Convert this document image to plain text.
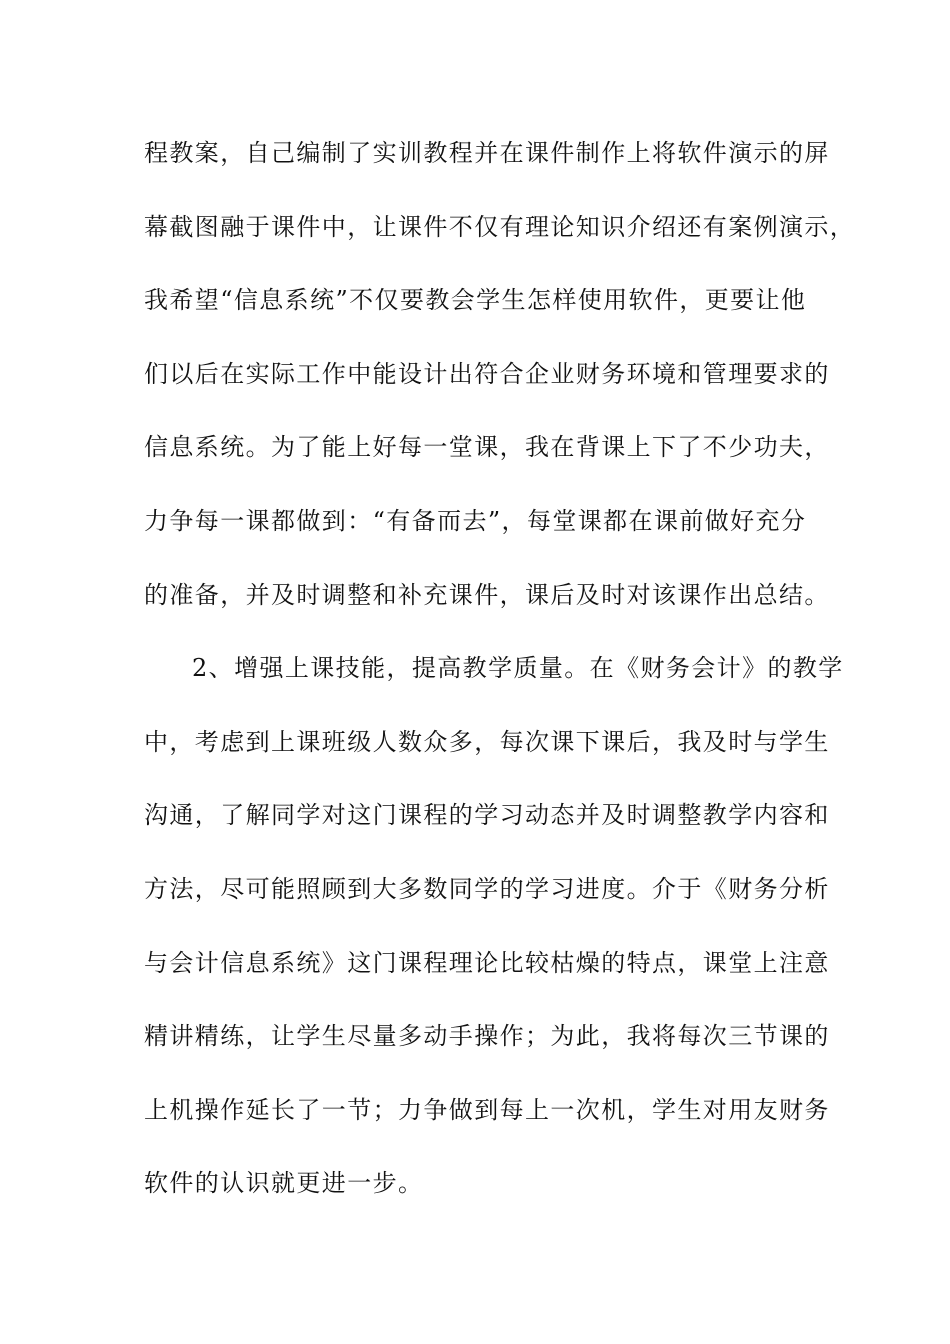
程教案，自己编制了实训教程并在课件制作上将软件演示的屏
幕截图融于课件中，让课件不仅有理论知识介绍还有案例演示，
我希望“信息系统”不仅要教会学生怎样使用软件，更要让他
们以后在实际工作中能设计出符合企业财务环境和管理要求的
信息系统。为了能上好每一堂课，我在背课上下了不少功夫，
力争每一课都做到：“有备而去”，每堂课都在课前做好充分
的准备，并及时调整和补充课件，课后及时对该课作出总结。
2、增强上课技能，提高教学质量。在《财务会计》的教学
中，考虑到上课班级人数众多，每次课下课后，我及时与学生
沟通，了解同学对这门课程的学习动态并及时调整教学内容和
方法，尽可能照顾到大多数同学的学习进度。介于《财务分析
与会计信息系统》这门课程理论比较枯燥的特点，课堂上注意
精讲精练，让学生尽量多动手操作；为此，我将每次三节课的
上机操作延长了一节；力争做到每上一次机，学生对用友财务
软件的认识就更进一步。
